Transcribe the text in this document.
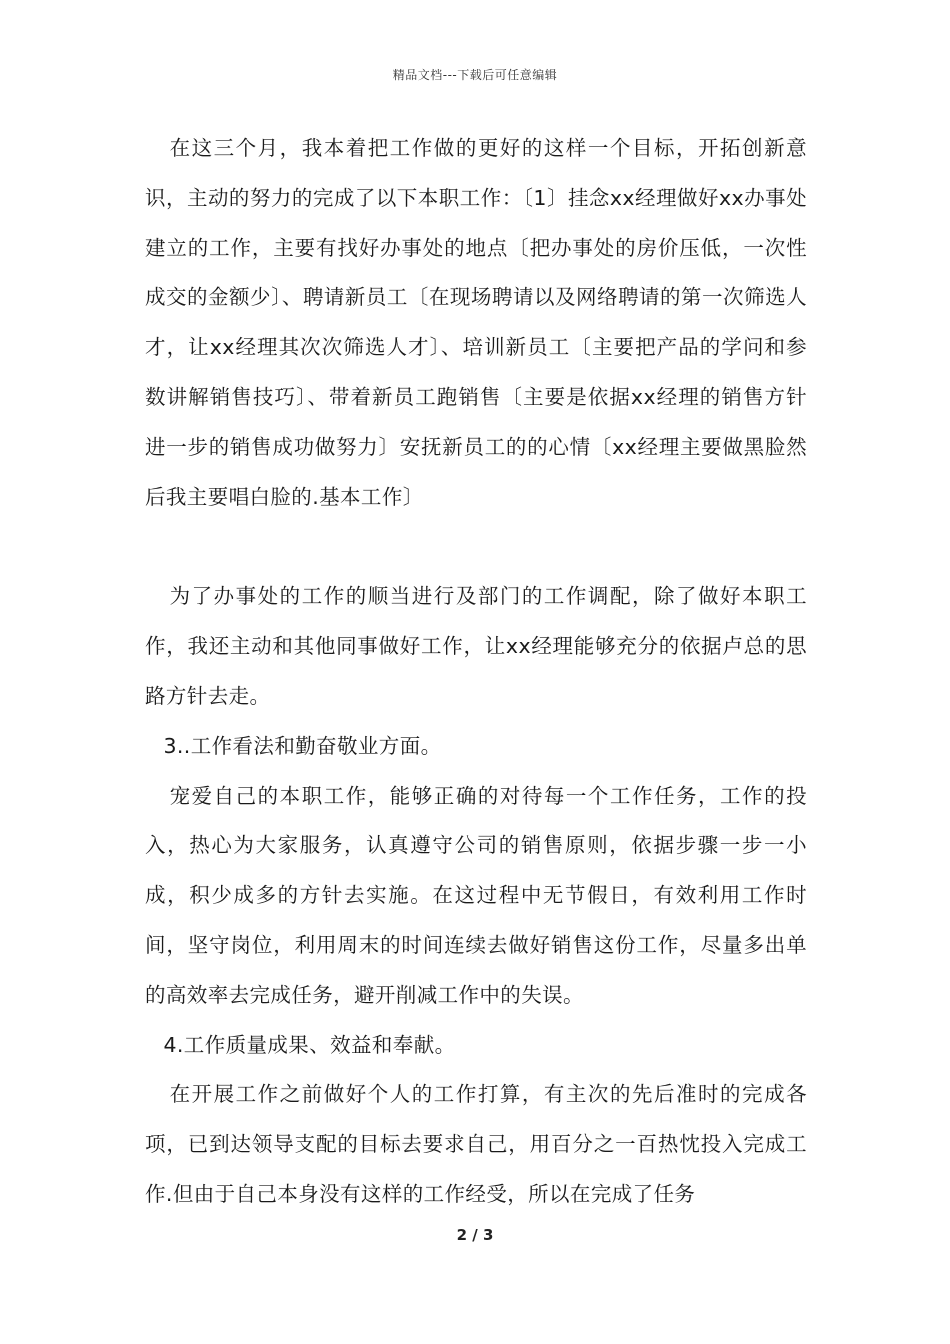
精品文档---下载后可任意编辑

在这三个月，我本着把工作做的更好的这样一个目标，开拓创新意识，主动的努力的完成了以下本职工作：〔1〕挂念xx经理做好xx办事处建立的工作，主要有找好办事处的地点〔把办事处的房价压低，一次性成交的金额少〕、聘请新员工〔在现场聘请以及网络聘请的第一次筛选人才，让xx经理其次次筛选人才〕、培训新员工〔主要把产品的学问和参数讲解销售技巧〕、带着新员工跑销售〔主要是依据xx经理的销售方针进一步的销售成功做努力〕安抚新员工的的心情〔xx经理主要做黑脸然后我主要唱白脸的.基本工作〕

为了办事处的工作的顺当进行及部门的工作调配，除了做好本职工作，我还主动和其他同事做好工作，让xx经理能够充分的依据卢总的思路方针去走。

3..工作看法和勤奋敬业方面。

宠爱自己的本职工作，能够正确的对待每一个工作任务，工作的投入，热心为大家服务，认真遵守公司的销售原则，依据步骤一步一小成，积少成多的方针去实施。在这过程中无节假日，有效利用工作时间，坚守岗位，利用周末的时间连续去做好销售这份工作，尽量多出单的高效率去完成任务，避开削减工作中的失误。

4.工作质量成果、效益和奉献。

在开展工作之前做好个人的工作打算，有主次的先后准时的完成各项，已到达领导支配的目标去要求自己，用百分之一百热忱投入完成工作.但由于自己本身没有这样的工作经受，所以在完成了任务

2 / 3
